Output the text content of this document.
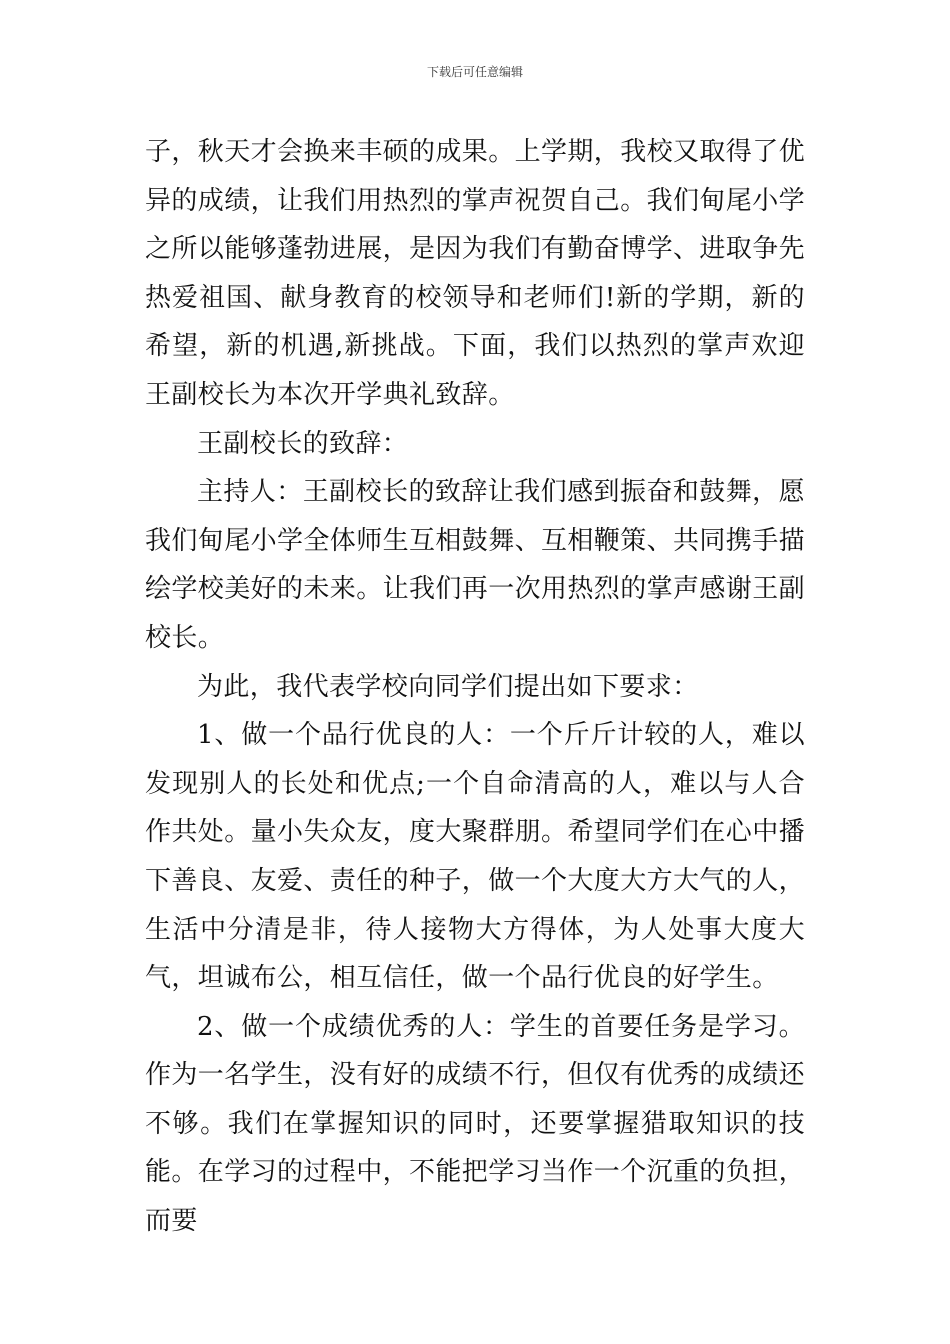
下载后可任意编辑

子，秋天才会换来丰硕的成果。上学期，我校又取得了优异的成绩，让我们用热烈的掌声祝贺自己。我们甸尾小学之所以能够蓬勃进展，是因为我们有勤奋博学、进取争先热爱祖国、献身教育的校领导和老师们!新的学期，新的希望，新的机遇,新挑战。下面，我们以热烈的掌声欢迎王副校长为本次开学典礼致辞。

王副校长的致辞：

主持人：王副校长的致辞让我们感到振奋和鼓舞，愿我们甸尾小学全体师生互相鼓舞、互相鞭策、共同携手描绘学校美好的未来。让我们再一次用热烈的掌声感谢王副校长。

为此，我代表学校向同学们提出如下要求：

1、做一个品行优良的人：一个斤斤计较的人，难以发现别人的长处和优点;一个自命清高的人，难以与人合作共处。量小失众友，度大聚群朋。希望同学们在心中播下善良、友爱、责任的种子，做一个大度大方大气的人，生活中分清是非，待人接物大方得体，为人处事大度大气，坦诚布公，相互信任，做一个品行优良的好学生。

2、做一个成绩优秀的人：学生的首要任务是学习。作为一名学生，没有好的成绩不行，但仅有优秀的成绩还不够。我们在掌握知识的同时，还要掌握猎取知识的技能。在学习的过程中，不能把学习当作一个沉重的负担，而要
